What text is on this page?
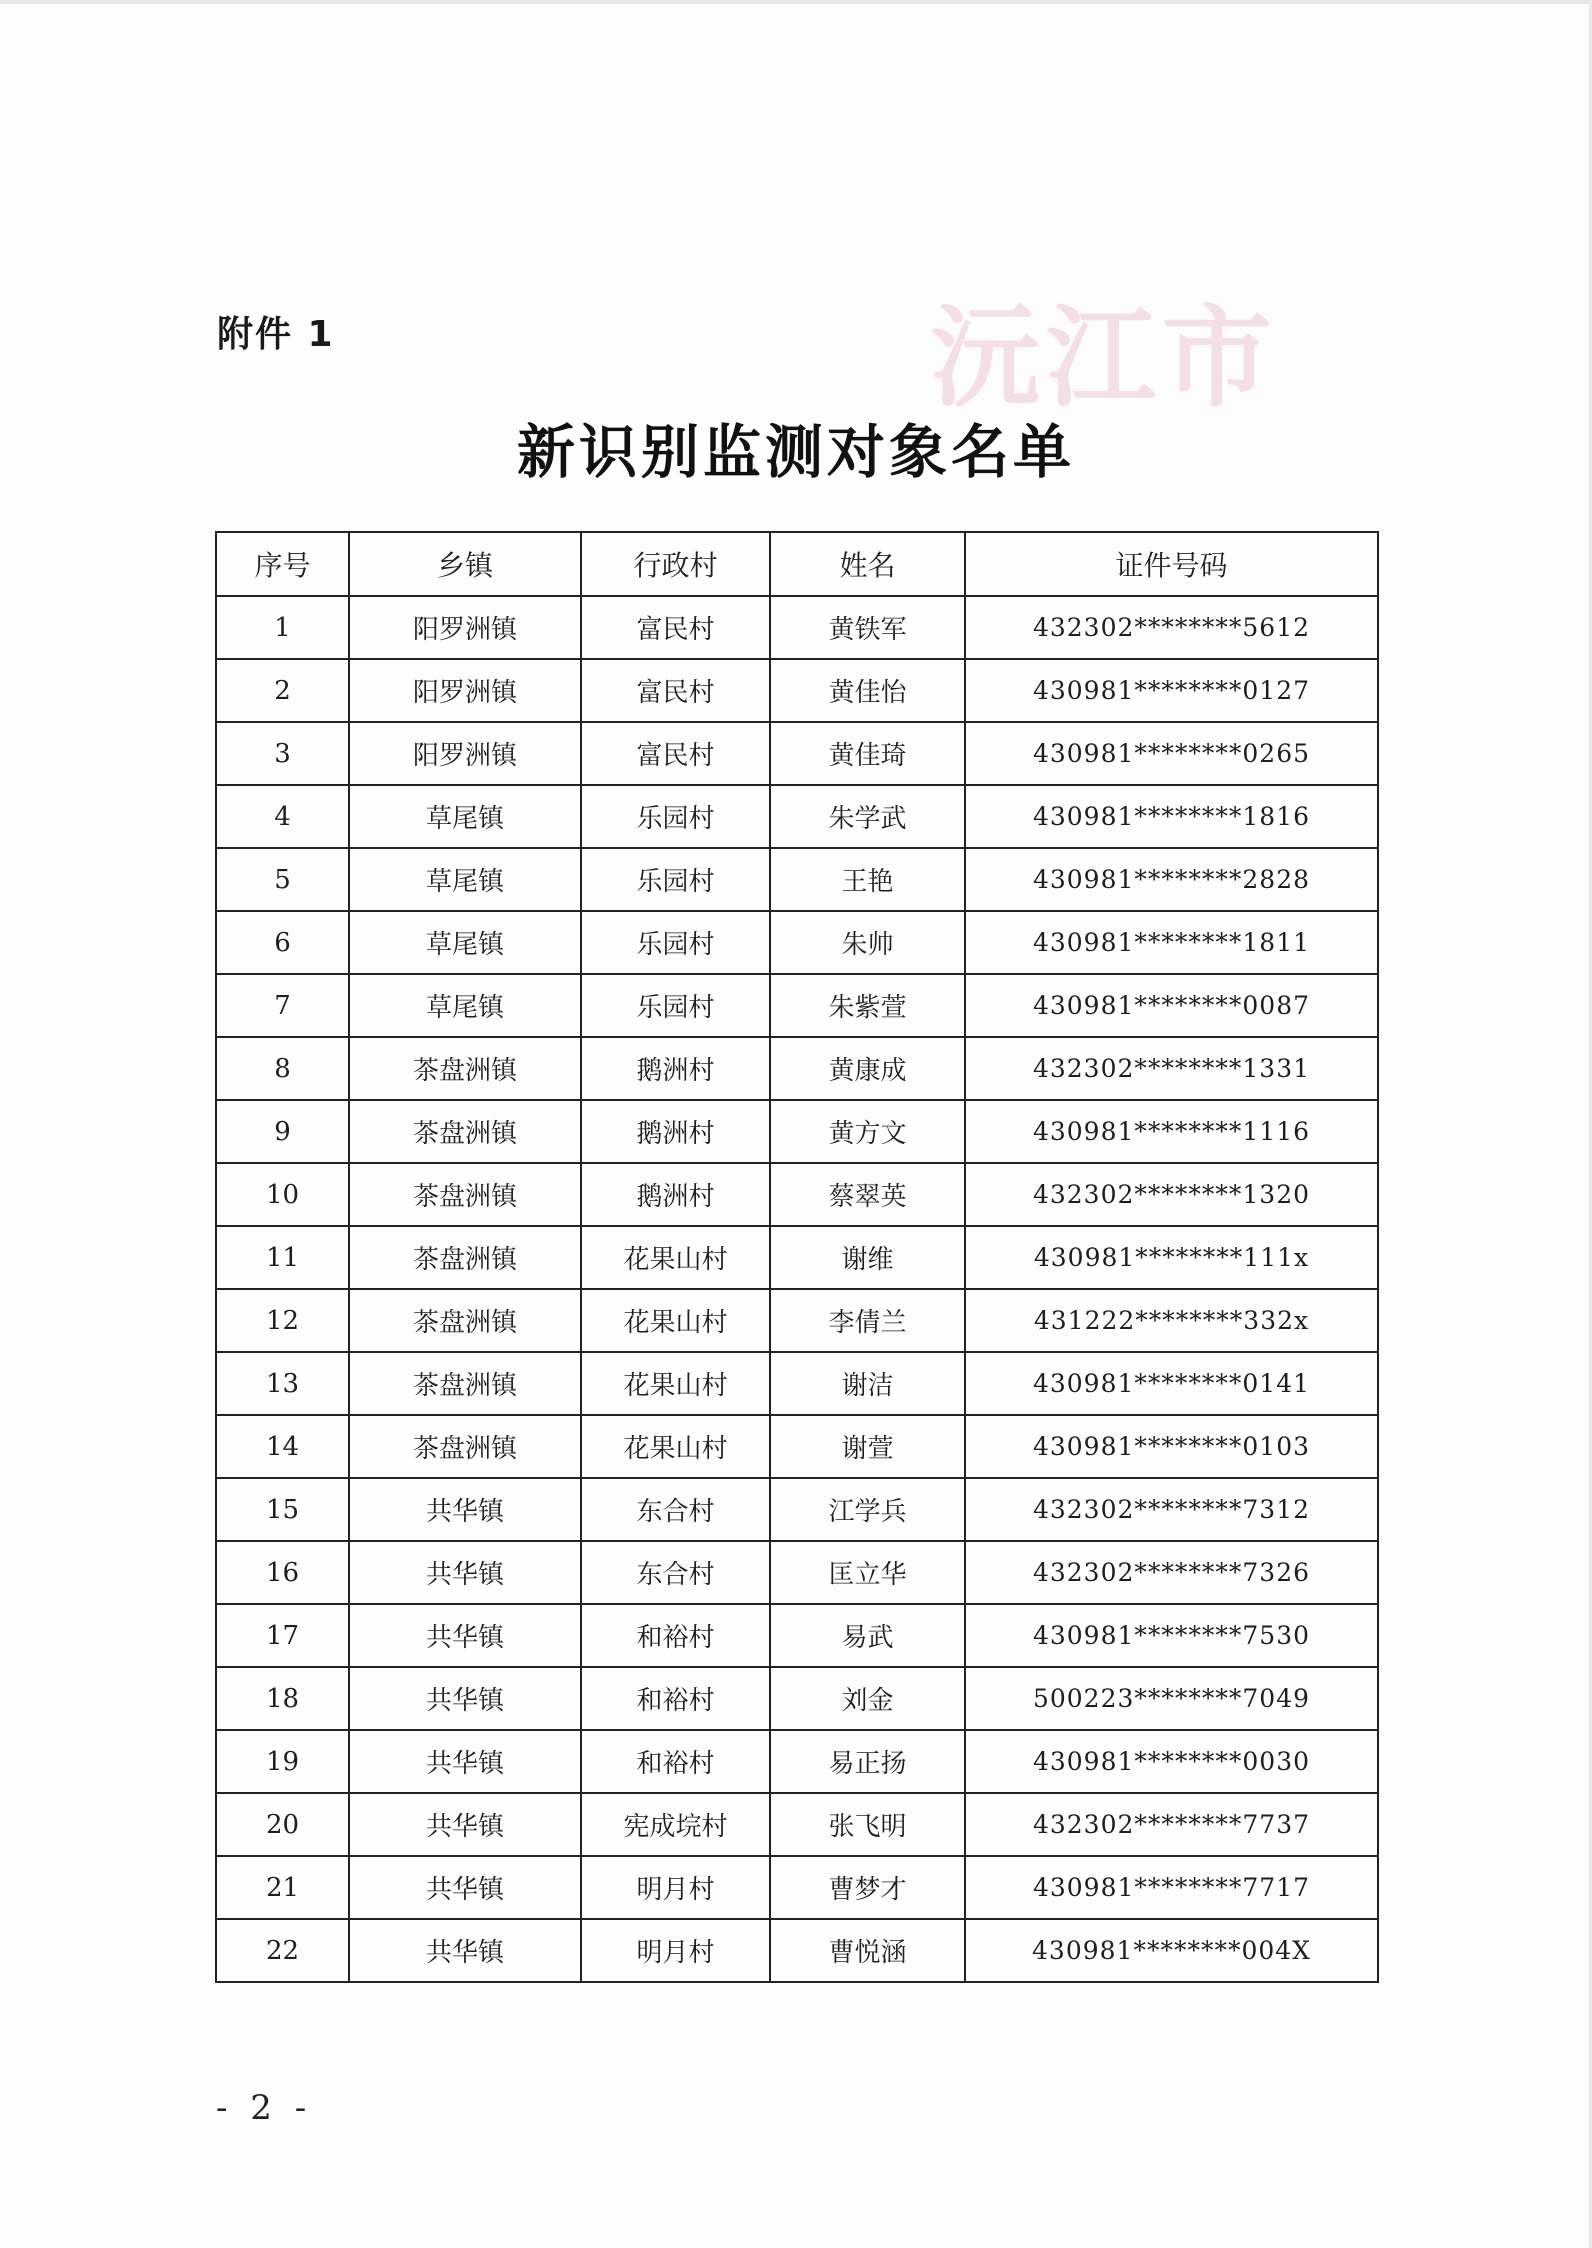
沅江市
附件 1
新识别监测对象名单
序号	乡镇	行政村	姓名	证件号码
1	阳罗洲镇	富民村	黄铁军	432302********5612
2	阳罗洲镇	富民村	黄佳怡	430981********0127
3	阳罗洲镇	富民村	黄佳琦	430981********0265
4	草尾镇	乐园村	朱学武	430981********1816
5	草尾镇	乐园村	王艳	430981********2828
6	草尾镇	乐园村	朱帅	430981********1811
7	草尾镇	乐园村	朱紫萱	430981********0087
8	茶盘洲镇	鹅洲村	黄康成	432302********1331
9	茶盘洲镇	鹅洲村	黄方文	430981********1116
10	茶盘洲镇	鹅洲村	蔡翠英	432302********1320
11	茶盘洲镇	花果山村	谢维	430981********111x
12	茶盘洲镇	花果山村	李倩兰	431222********332x
13	茶盘洲镇	花果山村	谢洁	430981********0141
14	茶盘洲镇	花果山村	谢萱	430981********0103
15	共华镇	东合村	江学兵	432302********7312
16	共华镇	东合村	匡立华	432302********7326
17	共华镇	和裕村	易武	430981********7530
18	共华镇	和裕村	刘金	500223********7049
19	共华镇	和裕村	易正扬	430981********0030
20	共华镇	宪成垸村	张飞明	432302********7737
21	共华镇	明月村	曹梦才	430981********7717
22	共华镇	明月村	曹悦涵	430981********004X
- 2 -
